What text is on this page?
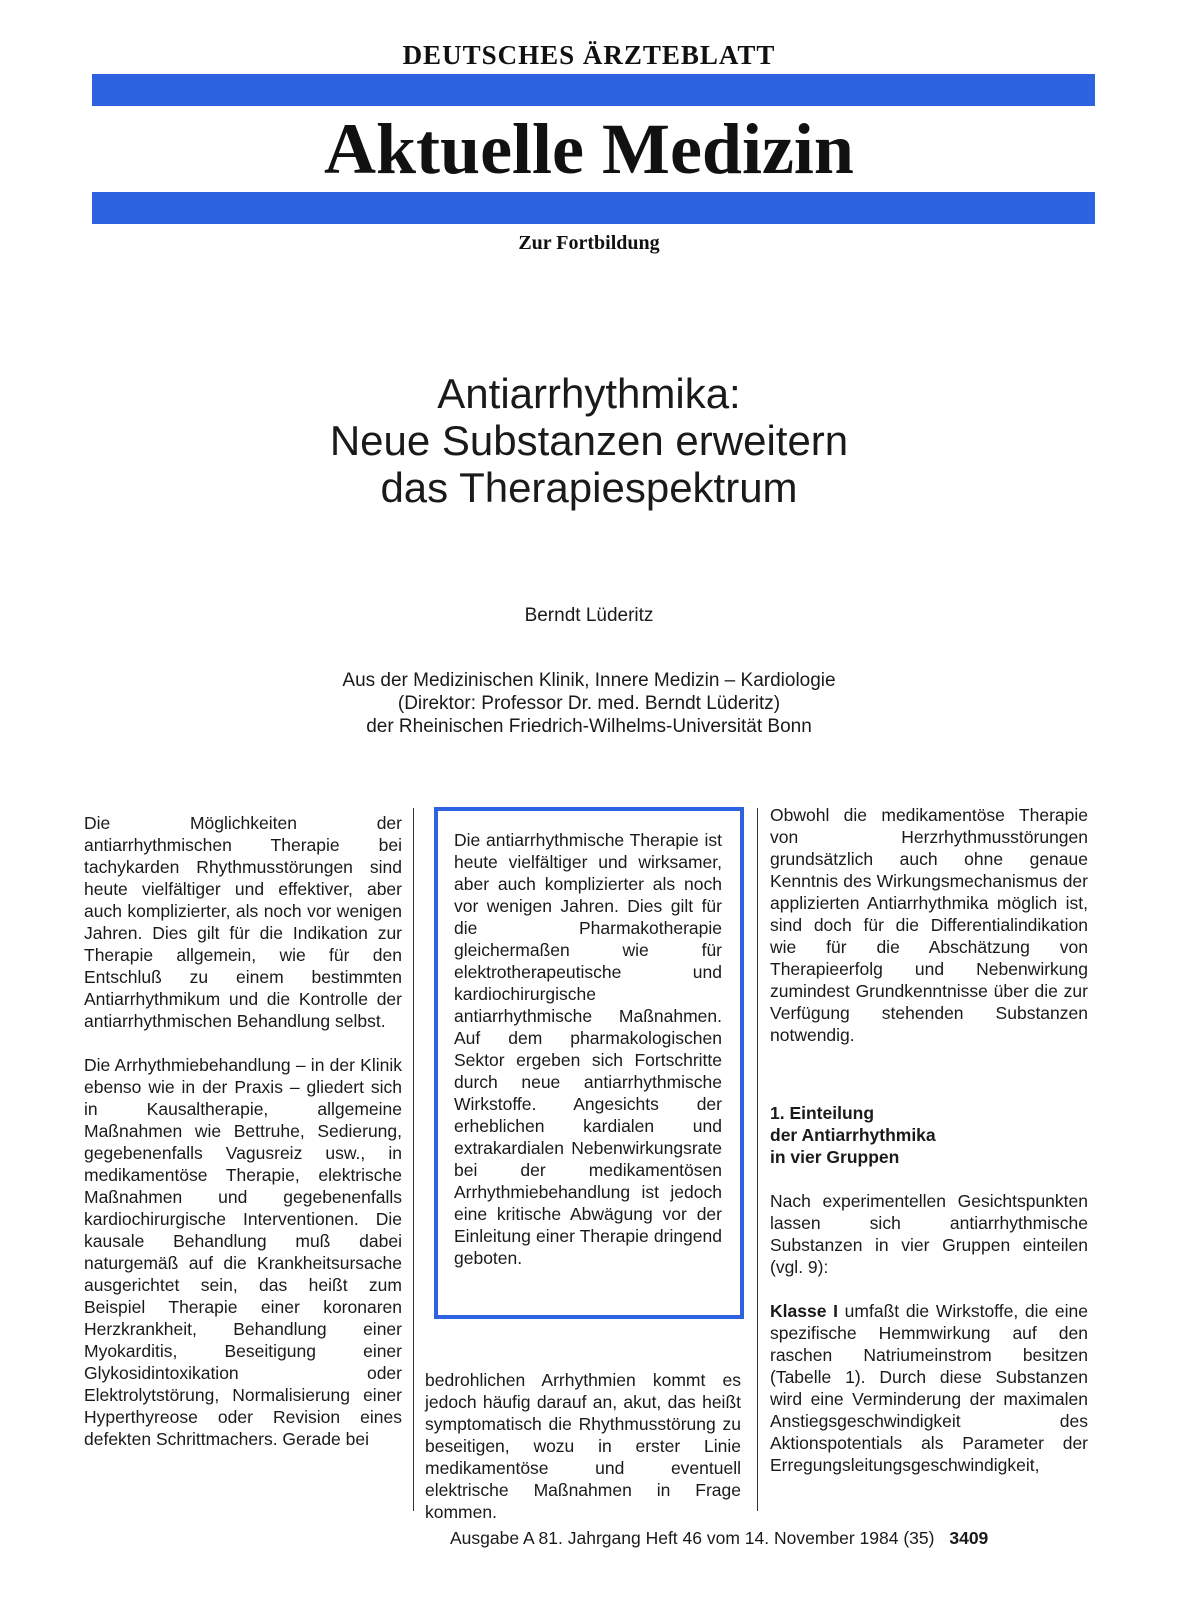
DEUTSCHES ÄRZTEBLATT
Aktuelle Medizin
Zur Fortbildung
Antiarrhythmika:
Neue Substanzen erweitern
das Therapiespektrum
Berndt Lüderitz
Aus der Medizinischen Klinik, Innere Medizin – Kardiologie
(Direktor: Professor Dr. med. Berndt Lüderitz)
der Rheinischen Friedrich-Wilhelms-Universität Bonn

Die Möglichkeiten der antiarrhythmischen Therapie bei tachykarden Rhythmusstörungen sind heute vielfältiger und effektiver, aber auch komplizierter, als noch vor wenigen Jahren. Dies gilt für die Indikation zur Therapie allgemein, wie für den Entschluß zu einem bestimmten Antiarrhythmikum und die Kontrolle der antiarrhythmischen Behandlung selbst.

Die Arrhythmiebehandlung – in der Klinik ebenso wie in der Praxis – gliedert sich in Kausaltherapie, allgemeine Maßnahmen wie Bettruhe, Sedierung, gegebenenfalls Vagusreiz usw., in medikamentöse Therapie, elektrische Maßnahmen und gegebenenfalls kardiochirurgische Interventionen. Die kausale Behandlung muß dabei naturgemäß auf die Krankheitsursache ausgerichtet sein, das heißt zum Beispiel Therapie einer koronaren Herzkrankheit, Behandlung einer Myokarditis, Beseitigung einer Glykosidintoxikation oder Elektrolytstörung, Normalisierung einer Hyperthyreose oder Revision eines defekten Schrittmachers. Gerade bei

Die antiarrhythmische Therapie ist heute vielfältiger und wirksamer, aber auch komplizierter als noch vor wenigen Jahren. Dies gilt für die Pharmakotherapie gleichermaßen wie für elektrotherapeutische und kardiochirurgische antiarrhythmische Maßnahmen. Auf dem pharmakologischen Sektor ergeben sich Fortschritte durch neue antiarrhythmische Wirkstoffe. Angesichts der erheblichen kardialen und extrakardialen Nebenwirkungsrate bei der medikamentösen Arrhythmiebehandlung ist jedoch eine kritische Abwägung vor der Einleitung einer Therapie dringend geboten.

bedrohlichen Arrhythmien kommt es jedoch häufig darauf an, akut, das heißt symptomatisch die Rhythmusstörung zu beseitigen, wozu in erster Linie medikamentöse und eventuell elektrische Maßnahmen in Frage kommen.

Obwohl die medikamentöse Therapie von Herzrhythmusstörungen grundsätzlich auch ohne genaue Kenntnis des Wirkungsmechanismus der applizierten Antiarrhythmika möglich ist, sind doch für die Differentialindikation wie für die Abschätzung von Therapieerfolg und Nebenwirkung zumindest Grundkenntnisse über die zur Verfügung stehenden Substanzen notwendig.

1. Einteilung
der Antiarrhythmika
in vier Gruppen

Nach experimentellen Gesichtspunkten lassen sich antiarrhythmische Substanzen in vier Gruppen einteilen (vgl. 9):

Klasse I umfaßt die Wirkstoffe, die eine spezifische Hemmwirkung auf den raschen Natriumeinstrom besitzen (Tabelle 1). Durch diese Substanzen wird eine Verminderung der maximalen Anstiegsgeschwindigkeit des Aktionspotentials als Parameter der Erregungsleitungsgeschwindigkeit,

Ausgabe A 81. Jahrgang Heft 46 vom 14. November 1984 (35) 3409
